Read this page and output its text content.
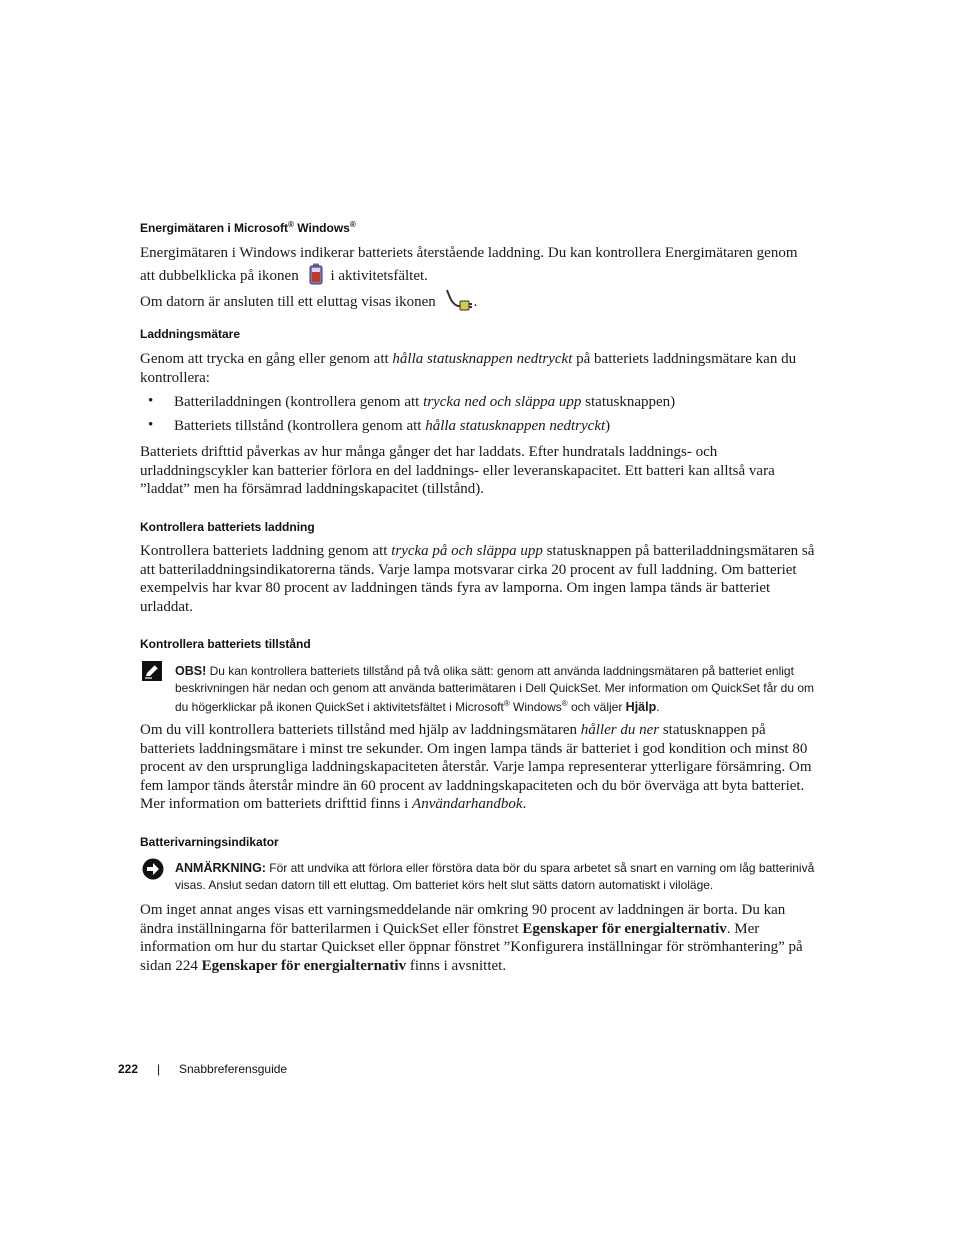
Energimätaren i Microsoft® Windows®

Energimätaren i Windows indikerar batteriets återstående laddning. Du kan kontrollera Energimätaren genom att dubbelklicka på ikonen i aktivitetsfältet.

Om datorn är ansluten till ett eluttag visas ikonen	.

Laddningsmätare

Genom att trycka en gång eller genom att hålla statusknappen nedtryckt på batteriets laddningsmätare kan du kontrollera:

• Batteriladdningen (kontrollera genom att trycka ned och släppa upp statusknappen)

• Batteriets tillstånd (kontrollera genom att hålla statusknappen nedtryckt)

Batteriets drifttid påverkas av hur många gånger det har laddats. Efter hundratals laddnings- och urladdningscykler kan batterier förlora en del laddnings- eller leveranskapacitet. Ett batteri kan alltså vara ”laddat” men ha försämrad laddningskapacitet (tillstånd).

Kontrollera batteriets laddning

Kontrollera batteriets laddning genom att trycka på och släppa upp statusknappen på batteriladdningsmätaren så att batteriladdningsindikatorerna tänds. Varje lampa motsvarar cirka 20 procent av full laddning. Om batteriet exempelvis har kvar 80 procent av laddningen tänds fyra av lamporna. Om ingen lampa tänds är batteriet urladdat.

Kontrollera batteriets tillstånd

OBS! Du kan kontrollera batteriets tillstånd på två olika sätt: genom att använda laddningsmätaren på batteriet enligt beskrivningen här nedan och genom att använda batterimätaren i Dell QuickSet. Mer information om QuickSet får du om du högerklickar på ikonen QuickSet i aktivitetsfältet i Microsoft® Windows® och väljer Hjälp.

Om du vill kontrollera batteriets tillstånd med hjälp av laddningsmätaren håller du ner statusknappen på batteriets laddningsmätare i minst tre sekunder. Om ingen lampa tänds är batteriet i god kondition och minst 80 procent av den ursprungliga laddningskapaciteten återstår. Varje lampa representerar ytterligare försämring. Om fem lampor tänds återstår mindre än 60 procent av laddningskapaciteten och du bör överväga att byta batteriet. Mer information om batteriets drifttid finns i Användarhandbok.

Batterivarningsindikator

ANMÄRKNING: För att undvika att förlora eller förstöra data bör du spara arbetet så snart en varning om låg batterinivå visas. Anslut sedan datorn till ett eluttag. Om batteriet körs helt slut sätts datorn automatiskt i viloläge.

Om inget annat anges visas ett varningsmeddelande när omkring 90 procent av laddningen är borta. Du kan ändra inställningarna för batterilarmen i QuickSet eller fönstret Egenskaper för energialternativ. Mer information om hur du startar Quickset eller öppnar fönstret ”Konfigurera inställningar för strömhantering” på sidan 224 Egenskaper för energialternativ finns i avsnittet.

222 | Snabbreferensguide
